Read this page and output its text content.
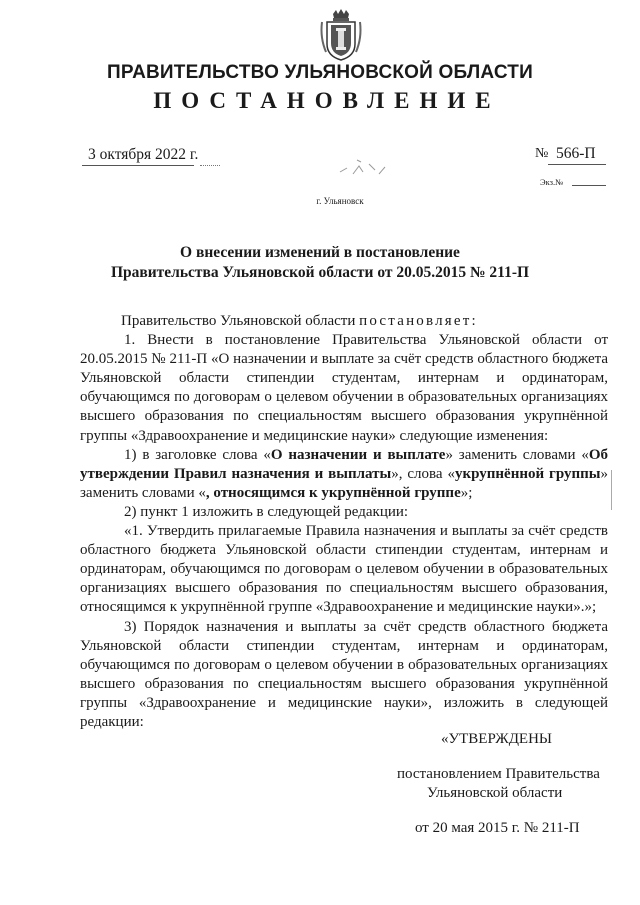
ПРАВИТЕЛЬСТВО УЛЬЯНОВСКОЙ ОБЛАСТИ
ПОСТАНОВЛЕНИЕ
3 октября 2022 г.	№ 566-П
Экз.№
г. Ульяновск
О внесении изменений в постановление
Правительства Ульяновской области от 20.05.2015 № 211-П

Правительство Ульяновской области постановляет:

1. Внести в постановление Правительства Ульяновской области от 20.05.2015 № 211-П «О назначении и выплате за счёт средств областного бюджета Ульяновской области стипендии студентам, интернам и ординаторам, обучающимся по договорам о целевом обучении в образовательных организациях высшего образования по специальностям высшего образования укрупнённой группы «Здравоохранение и медицинские науки» следующие изменения:

1) в заголовке слова «О назначении и выплате» заменить словами «Об утверждении Правил назначения и выплаты», слова «укрупнённой группы» заменить словами «, относящимся к укрупнённой группе»;

2) пункт 1 изложить в следующей редакции:

«1. Утвердить прилагаемые Правила назначения и выплаты за счёт средств областного бюджета Ульяновской области стипендии студентам, интернам и ординаторам, обучающимся по договорам о целевом обучении в образовательных организациях высшего образования по специальностям высшего образования, относящимся к укрупнённой группе «Здравоохранение и медицинские науки».»;

3) Порядок назначения и выплаты за счёт средств областного бюджета Ульяновской области стипендии студентам, интернам и ординаторам, обучающимся по договорам о целевом обучении в образовательных организациях высшего образования по специальностям высшего образования укрупнённой группы «Здравоохранение и медицинские науки», изложить в следующей редакции:

«УТВЕРЖДЕНЫ
постановлением Правительства
Ульяновской области
от 20 мая 2015 г. № 211-П
